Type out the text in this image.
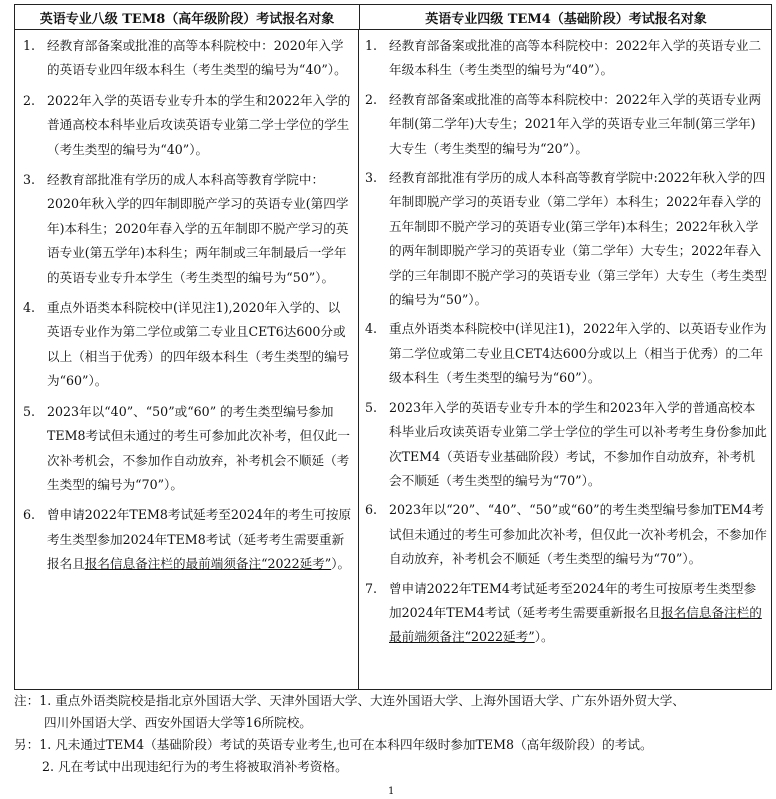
英语专业八级 TEM8（高年级阶段）考试报名对象	英语专业四级 TEM4（基础阶段）考试报名对象
1. 经教育部备案或批准的高等本科院校中：2020年入学的英语专业四年级本科生（考生类型的编号为“40”）。
2. 2022年入学的英语专业专升本的学生和2022年入学的普通高校本科毕业后攻读英语专业第二学士学位的学生（考生类型的编号为“40”）。
3. 经教育部批准有学历的成人本科高等教育学院中：2020年秋入学的四年制即脱产学习的英语专业(第四学年)本科生；2020年春入学的五年制即不脱产学习的英语专业(第五学年)本科生；两年制或三年制最后一学年的英语专业专升本学生（考生类型的编号为“50”）。
4. 重点外语类本科院校中(详见注1),2020年入学的、以英语专业作为第二学位或第二专业且CET6达600分或以上（相当于优秀）的四年级本科生（考生类型的编号为“60”）。
5. 2023年以“40”、“50”或“60” 的考生类型编号参加TEM8考试但未通过的考生可参加此次补考，但仅此一次补考机会，不参加作自动放弃，补考机会不顺延（考生类型的编号为“70”）。
6. 曾申请2022年TEM8考试延考至2024年的考生可按原考生类型参加2024年TEM8考试（延考考生需要重新报名且报名信息备注栏的最前端须备注“2022延考”）。
1. 经教育部备案或批准的高等本科院校中：2022年入学的英语专业二年级本科生（考生类型的编号为“40”）。
2. 经教育部备案或批准的高等本科院校中：2022年入学的英语专业两年制(第二学年)大专生；2021年入学的英语专业三年制(第三学年)大专生（考生类型的编号为“20”）。
3. 经教育部批准有学历的成人本科高等教育学院中:2022年秋入学的四年制即脱产学习的英语专业（第二学年）本科生；2022年春入学的五年制即不脱产学习的英语专业(第三学年)本科生；2022年秋入学的两年制即脱产学习的英语专业（第二学年）大专生；2022年春入学的三年制即不脱产学习的英语专业（第三学年）大专生（考生类型的编号为“50”）。
4. 重点外语类本科院校中(详见注1)，2022年入学的、以英语专业作为第二学位或第二专业且CET4达600分或以上（相当于优秀）的二年级本科生（考生类型的编号为“60”）。
5. 2023年入学的英语专业专升本的学生和2023年入学的普通高校本科毕业后攻读英语专业第二学士学位的学生可以补考考生身份参加此次TEM4（英语专业基础阶段）考试，不参加作自动放弃，补考机会不顺延（考生类型的编号为“70”）。
6. 2023年以“20”、“40”、“50”或“60”的考生类型编号参加TEM4考试但未通过的考生可参加此次补考，但仅此一次补考机会，不参加作自动放弃，补考机会不顺延（考生类型的编号为“70”）。
7. 曾申请2022年TEM4考试延考至2024年的考生可按原考生类型参加2024年TEM4考试（延考考生需要重新报名且报名信息备注栏的最前端须备注“2022延考”）。
注：1. 重点外语类院校是指北京外国语大学、天津外国语大学、大连外国语大学、上海外国语大学、广东外语外贸大学、
四川外国语大学、西安外国语大学等16所院校。
另：1. 凡未通过TEM4（基础阶段）考试的英语专业考生,也可在本科四年级时参加TEM8（高年级阶段）的考试。
2. 凡在考试中出现违纪行为的考生将被取消补考资格。
1
